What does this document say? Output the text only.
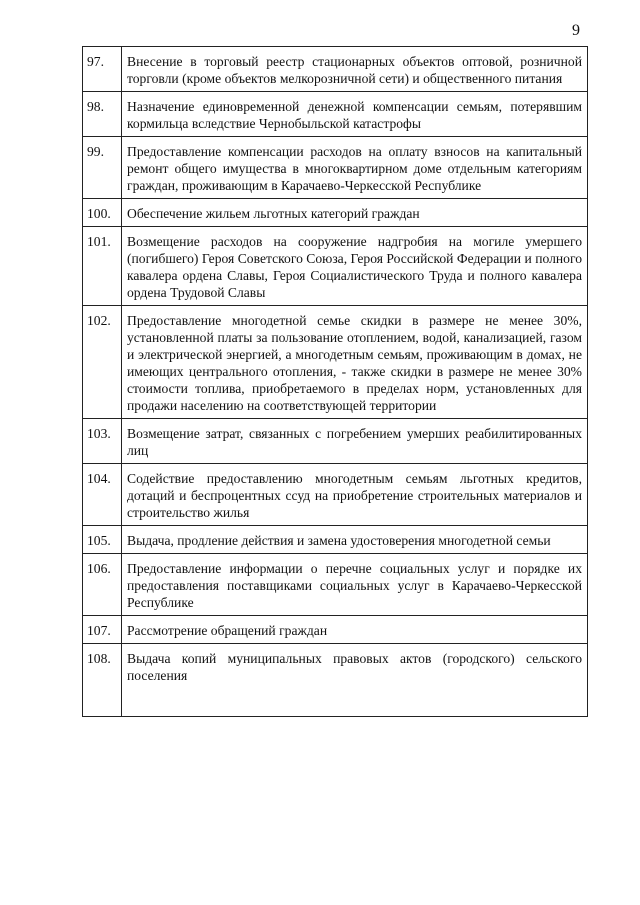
9
97.	Внесение в торговый реестр стационарных объектов оптовой, розничной торговли (кроме объектов мелкорозничной сети) и общественного питания
98.	Назначение единовременной денежной компенсации семьям, потерявшим кормильца вследствие Чернобыльской катастрофы
99.	Предоставление компенсации расходов на оплату взносов на капитальный ремонт общего имущества в многоквартирном доме отдельным категориям граждан, проживающим в Карачаево-Черкесской Республике
100.	Обеспечение жильем льготных категорий граждан
101.	Возмещение расходов на сооружение надгробия на могиле умершего (погибшего) Героя Советского Союза, Героя Российской Федерации и полного кавалера ордена Славы, Героя Социалистического Труда и полного кавалера ордена Трудовой Славы
102.	Предоставление многодетной семье скидки в размере не менее 30%, установленной платы за пользование отоплением, водой, канализацией, газом и электрической энергией, а многодетным семьям, проживающим в домах, не имеющих центрального отопления, - также скидки в размере не менее 30% стоимости топлива, приобретаемого в пределах норм, установленных для продажи населению на соответствующей территории
103.	Возмещение затрат, связанных с погребением умерших реабилитированных лиц
104.	Содействие предоставлению многодетным семьям льготных кредитов, дотаций и беспроцентных ссуд на приобретение строительных материалов и строительство жилья
105.	Выдача, продление действия и замена удостоверения многодетной семьи
106.	Предоставление информации о перечне социальных услуг и порядке их предоставления поставщиками социальных услуг в Карачаево-Черкесской Республике
107.	Рассмотрение обращений граждан
108.	Выдача копий муниципальных правовых актов (городского) сельского поселения
